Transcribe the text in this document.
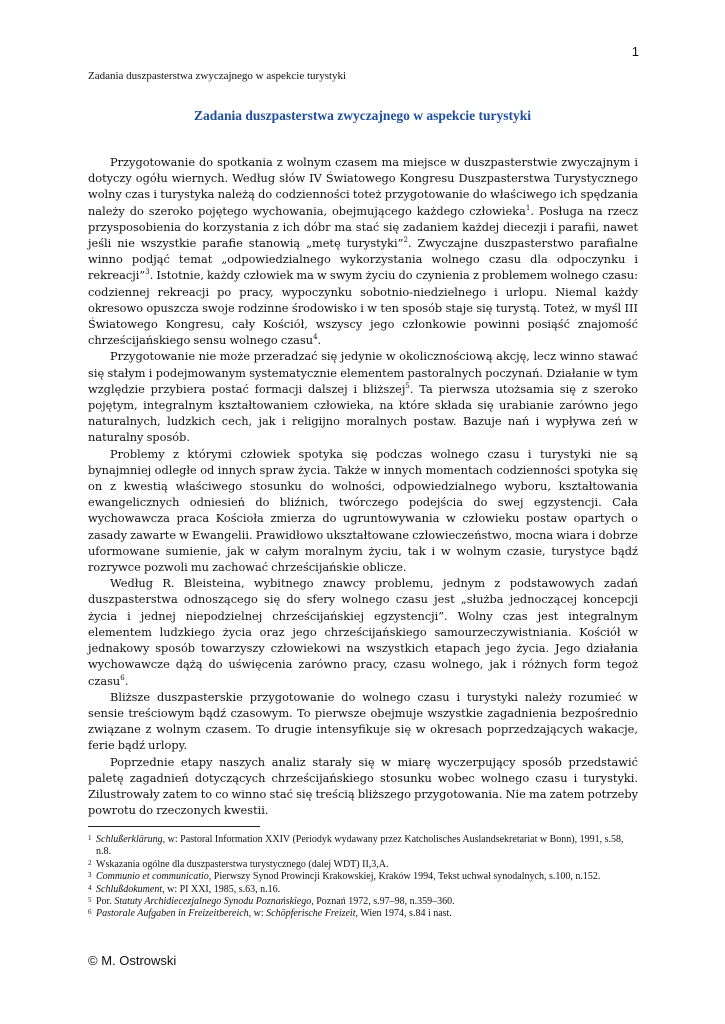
1
Zadania duszpasterstwa zwyczajnego w aspekcie turystyki
Zadania duszpasterstwa zwyczajnego w aspekcie turystyki

Przygotowanie do spotkania z wolnym czasem ma miejsce w duszpasterstwie zwyczajnym i dotyczy ogółu wiernych. Według słów IV Światowego Kongresu Duszpasterstwa Turystycznego wolny czas i turystyka należą do codzienności toteż przygotowanie do właściwego ich spędzania należy do szeroko pojętego wychowania, obejmującego każdego człowieka$^1$. Posługa na rzecz przysposobienia do korzystania z ich dóbr ma stać się zadaniem każdej diecezji i parafii, nawet jeśli nie wszystkie parafie stanowią „metę turystyki”$^2$. Zwyczajne duszpasterstwo parafialne winno podjąć temat „odpowiedzialnego wykorzystania wolnego czasu dla odpoczynku i rekreacji”$^3$. Istotnie, każdy człowiek ma w swym życiu do czynienia z problemem wolnego czasu: codziennej rekreacji po pracy, wypoczynku sobotnio-niedzielnego i urlopu. Niemal każdy okresowo opuszcza swoje rodzinne środowisko i w ten sposób staje się turystą. Toteż, w myśl III Światowego Kongresu, cały Kościół, wszyscy jego członkowie powinni posiąść znajomość chrześcijańskiego sensu wolnego czasu$^4$.

Przygotowanie nie może przeradzać się jedynie w okolicznościową akcję, lecz winno stawać się stałym i podejmowanym systematycznie elementem pastoralnych poczynań. Działanie w tym względzie przybiera postać formacji dalszej i bliższej$^5$. Ta pierwsza utożsamia się z szeroko pojętym, integralnym kształtowaniem człowieka, na które składa się urabianie zarówno jego naturalnych, ludzkich cech, jak i religijno moralnych postaw. Bazuje nań i wypływa zeń w naturalny sposób.

Problemy z którymi człowiek spotyka się podczas wolnego czasu i turystyki nie są bynajmniej odległe od innych spraw życia. Także w innych momentach codzienności spotyka się on z kwestią właściwego stosunku do wolności, odpowiedzialnego wyboru, kształtowania ewangelicznych odniesień do bliźnich, twórczego podejścia do swej egzystencji. Cała wychowawcza praca Kościoła zmierza do ugruntowywania w człowieku postaw opartych o zasady zawarte w Ewangelii. Prawidłowo ukształtowane człowieczeństwo, mocna wiara i dobrze uformowane sumienie, jak w całym moralnym życiu, tak i w wolnym czasie, turystyce bądź rozrywce pozwoli mu zachować chrześcijańskie oblicze.

Według R. Bleisteina, wybitnego znawcy problemu, jednym z podstawowych zadań duszpasterstwa odnoszącego się do sfery wolnego czasu jest „służba jednoczącej koncepcji życia i jednej niepodzielnej chrześcijańskiej egzystencji”. Wolny czas jest integralnym elementem ludzkiego życia oraz jego chrześcijańskiego samourzeczywistniania. Kościół w jednakowy sposób towarzyszy człowiekowi na wszystkich etapach jego życia. Jego działania wychowawcze dążą do uświęcenia zarówno pracy, czasu wolnego, jak i różnych form tegoż czasu$^6$.

Bliższe duszpasterskie przygotowanie do wolnego czasu i turystyki należy rozumieć w sensie treściowym bądź czasowym. To pierwsze obejmuje wszystkie zagadnienia bezpośrednio związane z wolnym czasem. To drugie intensyfikuje się w okresach poprzedzających wakacje, ferie bądź urlopy.

Poprzednie etapy naszych analiz starały się w miarę wyczerpujący sposób przedstawić paletę zagadnień dotyczących chrześcijańskiego stosunku wobec wolnego czasu i turystyki. Zilustrowały zatem to co winno stać się treścią bliższego przygotowania. Nie ma zatem potrzeby powrotu do rzeczonych kwestii.

1 Schlußerklärung, w: Pastoral Information XXIV (Periodyk wydawany przez Katcholisches Auslandsekretariat w Bonn), 1991, s.58, n.8.
2 Wskazania ogólne dla duszpasterstwa turystycznego (dalej WDT) II,3,A.
3 Communio et communicatio, Pierwszy Synod Prowincji Krakowskiej, Kraków 1994, Tekst uchwał synodalnych, s.100, n.152.
4 Schlußdokument, w: PI XXI, 1985, s.63, n.16.
5 Por. Statuty Archidiecezjalnego Synodu Poznańskiego, Poznań 1972, s.97–98, n.359–360.
6 Pastorale Aufgaben in Freizeitbereich, w: Schöpferische Freizeit, Wien 1974, s.84 i nast.
© M. Ostrowski
